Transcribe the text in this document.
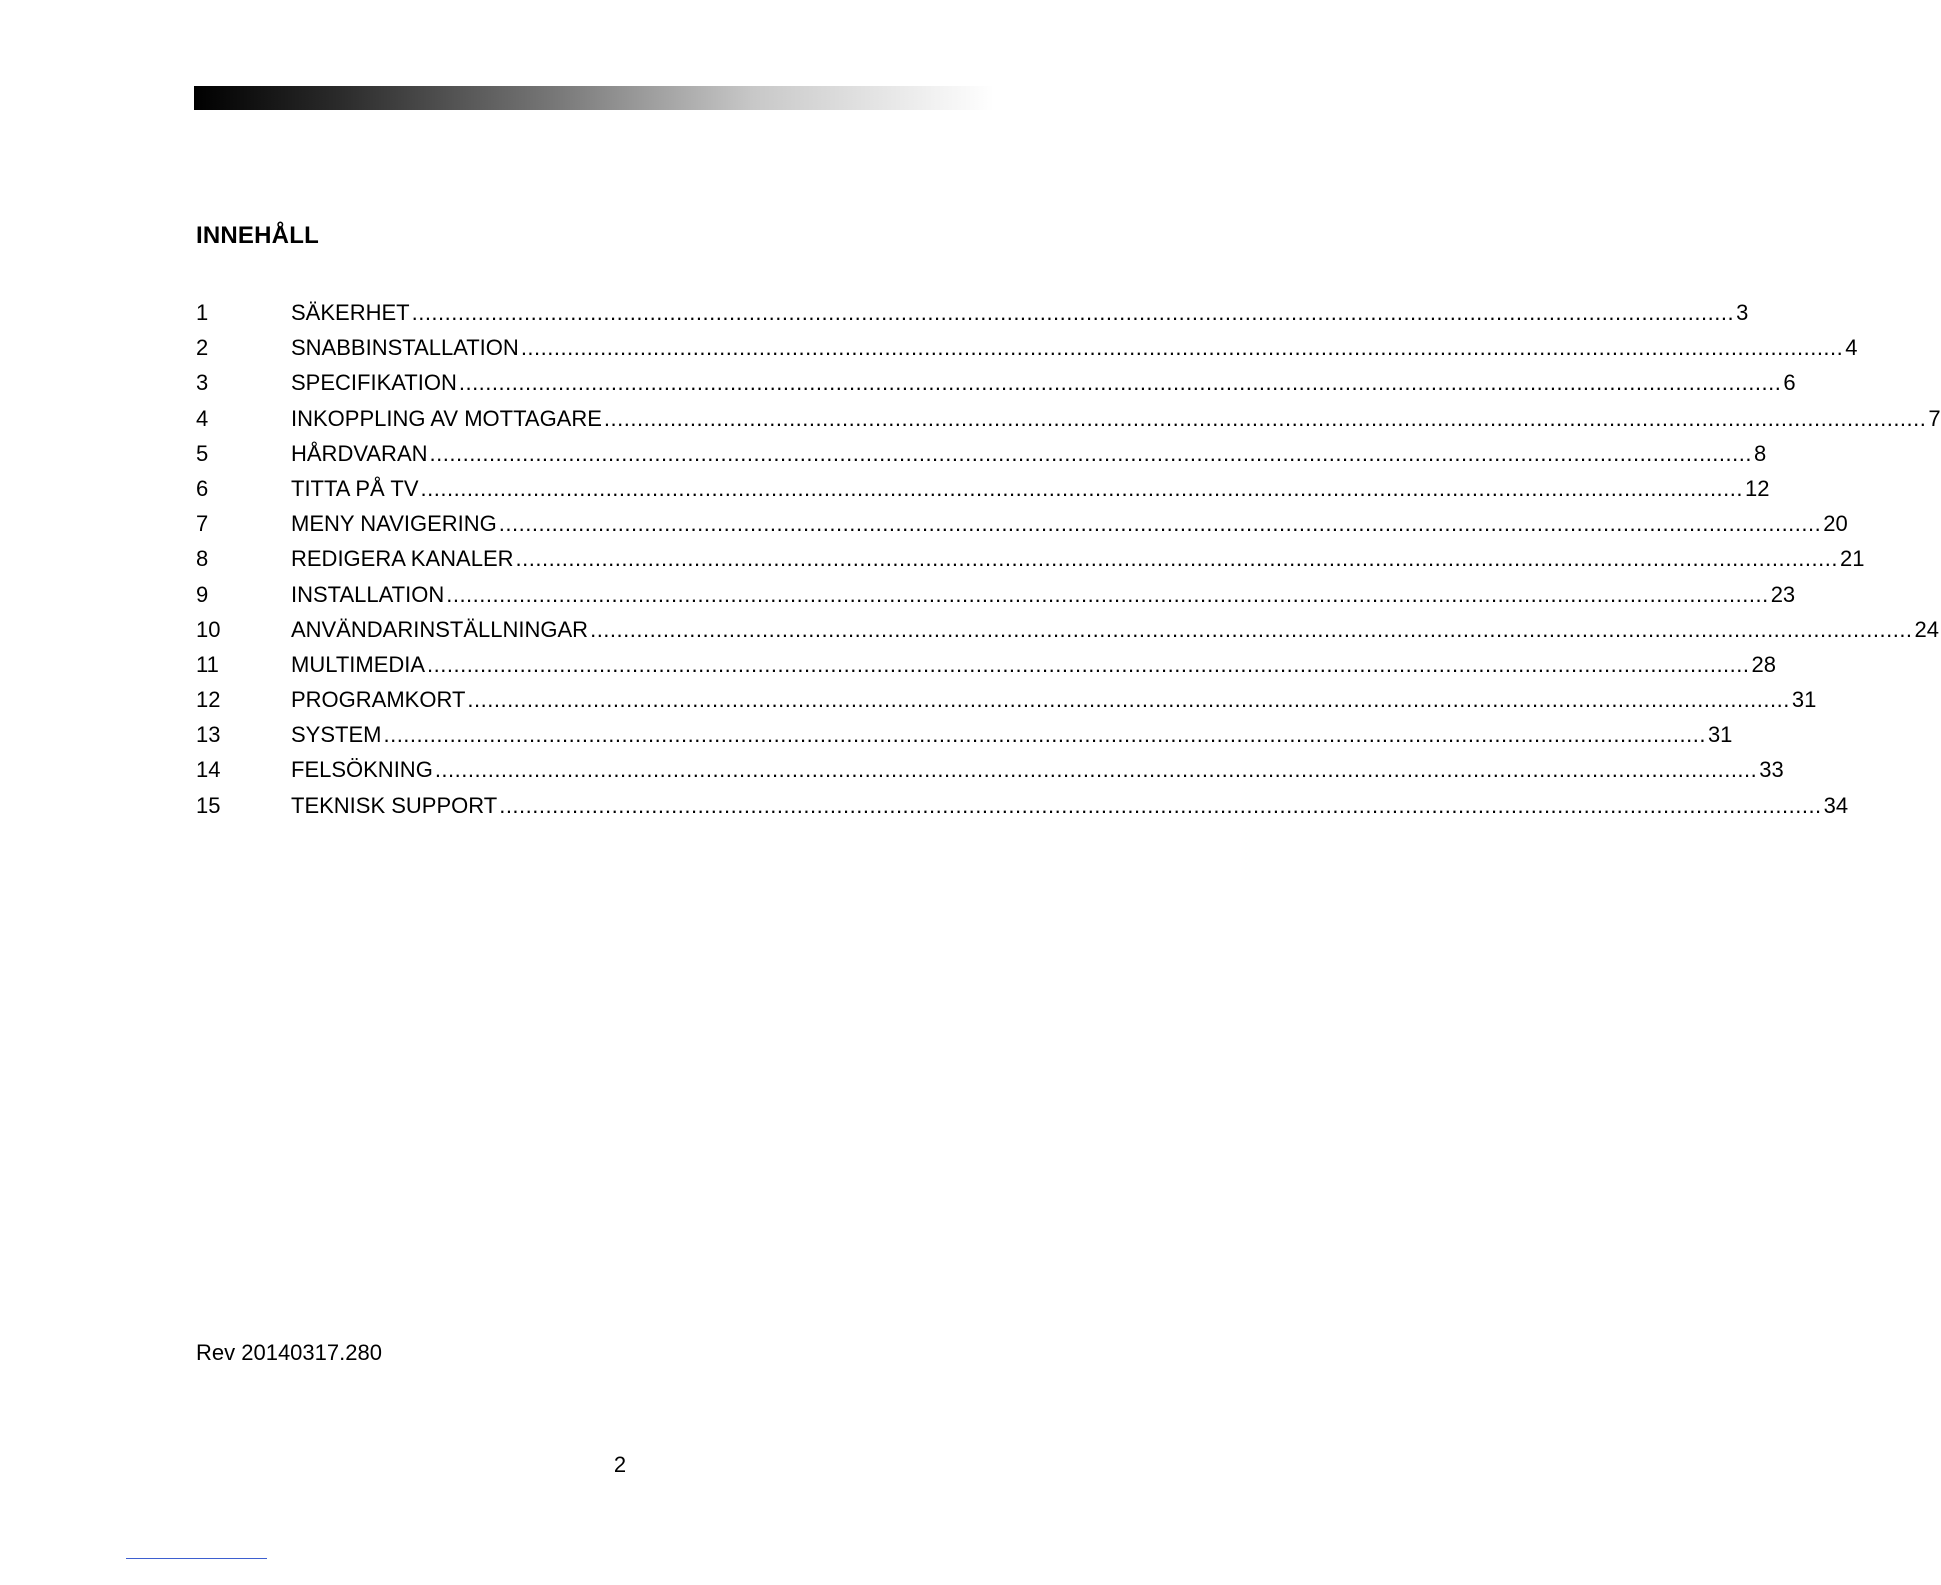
INNEHÅLL
1	SÄKERHET ........................................................................................................................................................................................................ 3
2	SNABBINSTALLATION ........................................................................................................................................................................................................ 4
3	SPECIFIKATION ........................................................................................................................................................................................................ 6
4	INKOPPLING AV MOTTAGARE ........................................................................................................................................................................................................ 7
5	HÅRDVARAN ........................................................................................................................................................................................................ 8
6	TITTA PÅ TV ........................................................................................................................................................................................................ 12
7	MENY NAVIGERING ........................................................................................................................................................................................................ 20
8	REDIGERA KANALER ........................................................................................................................................................................................................ 21
9	INSTALLATION ........................................................................................................................................................................................................ 23
10	ANVÄNDARINSTÄLLNINGAR ........................................................................................................................................................................................................ 24
11	MULTIMEDIA ........................................................................................................................................................................................................ 28
12	PROGRAMKORT ........................................................................................................................................................................................................ 31
13	SYSTEM ........................................................................................................................................................................................................ 31
14	FELSÖKNING ........................................................................................................................................................................................................ 33
15	TEKNISK SUPPORT ........................................................................................................................................................................................................ 34
Rev 20140317.280
2
